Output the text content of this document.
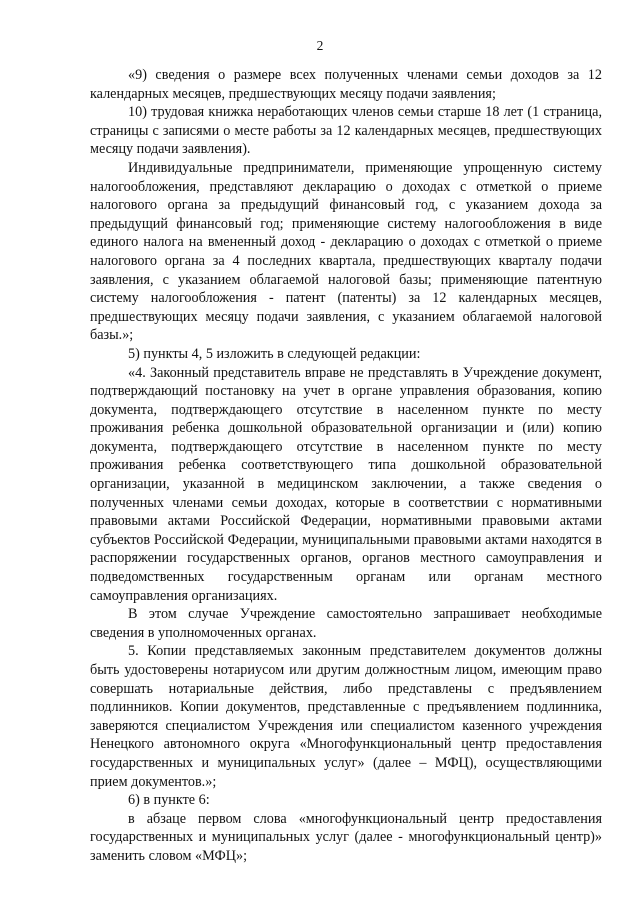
2

«9) сведения о размере всех полученных членами семьи доходов за 12 календарных месяцев, предшествующих месяцу подачи заявления;

10) трудовая книжка неработающих членов семьи старше 18 лет (1 страница, страницы с записями о месте работы за 12 календарных месяцев, предшествующих месяцу подачи заявления).

Индивидуальные предприниматели, применяющие упрощенную систему налогообложения, представляют декларацию о доходах с отметкой о приеме налогового органа за предыдущий финансовый год, с указанием дохода за предыдущий финансовый год; применяющие систему налогообложения в виде единого налога на вмененный доход - декларацию о доходах с отметкой о приеме налогового органа за 4 последних квартала, предшествующих кварталу подачи заявления, с указанием облагаемой налоговой базы; применяющие патентную систему налогообложения - патент (патенты) за 12 календарных месяцев, предшествующих месяцу подачи заявления, с указанием облагаемой налоговой базы.»;

5) пункты 4, 5 изложить в следующей редакции:

«4. Законный представитель вправе не представлять в Учреждение документ, подтверждающий постановку на учет в органе управления образования, копию документа, подтверждающего отсутствие в населенном пункте по месту проживания ребенка дошкольной образовательной организации и (или) копию документа, подтверждающего отсутствие в населенном пункте по месту проживания ребенка соответствующего типа дошкольной образовательной организации, указанной в медицинском заключении, а также сведения о полученных членами семьи доходах, которые в соответствии с нормативными правовыми актами Российской Федерации, нормативными правовыми актами субъектов Российской Федерации, муниципальными правовыми актами находятся в распоряжении государственных органов, органов местного самоуправления и подведомственных государственным органам или органам местного самоуправления организациях.

В этом случае Учреждение самостоятельно запрашивает необходимые сведения в уполномоченных органах.

5. Копии представляемых законным представителем документов должны быть удостоверены нотариусом или другим должностным лицом, имеющим право совершать нотариальные действия, либо представлены с предъявлением подлинников. Копии документов, представленные с предъявлением подлинника, заверяются специалистом Учреждения или специалистом казенного учреждения Ненецкого автономного округа «Многофункциональный центр предоставления государственных и муниципальных услуг» (далее – МФЦ), осуществляющими прием документов.»;

6) в пункте 6:

в абзаце первом слова «многофункциональный центр предоставления государственных и муниципальных услуг (далее - многофункциональный центр)» заменить словом «МФЦ»;
